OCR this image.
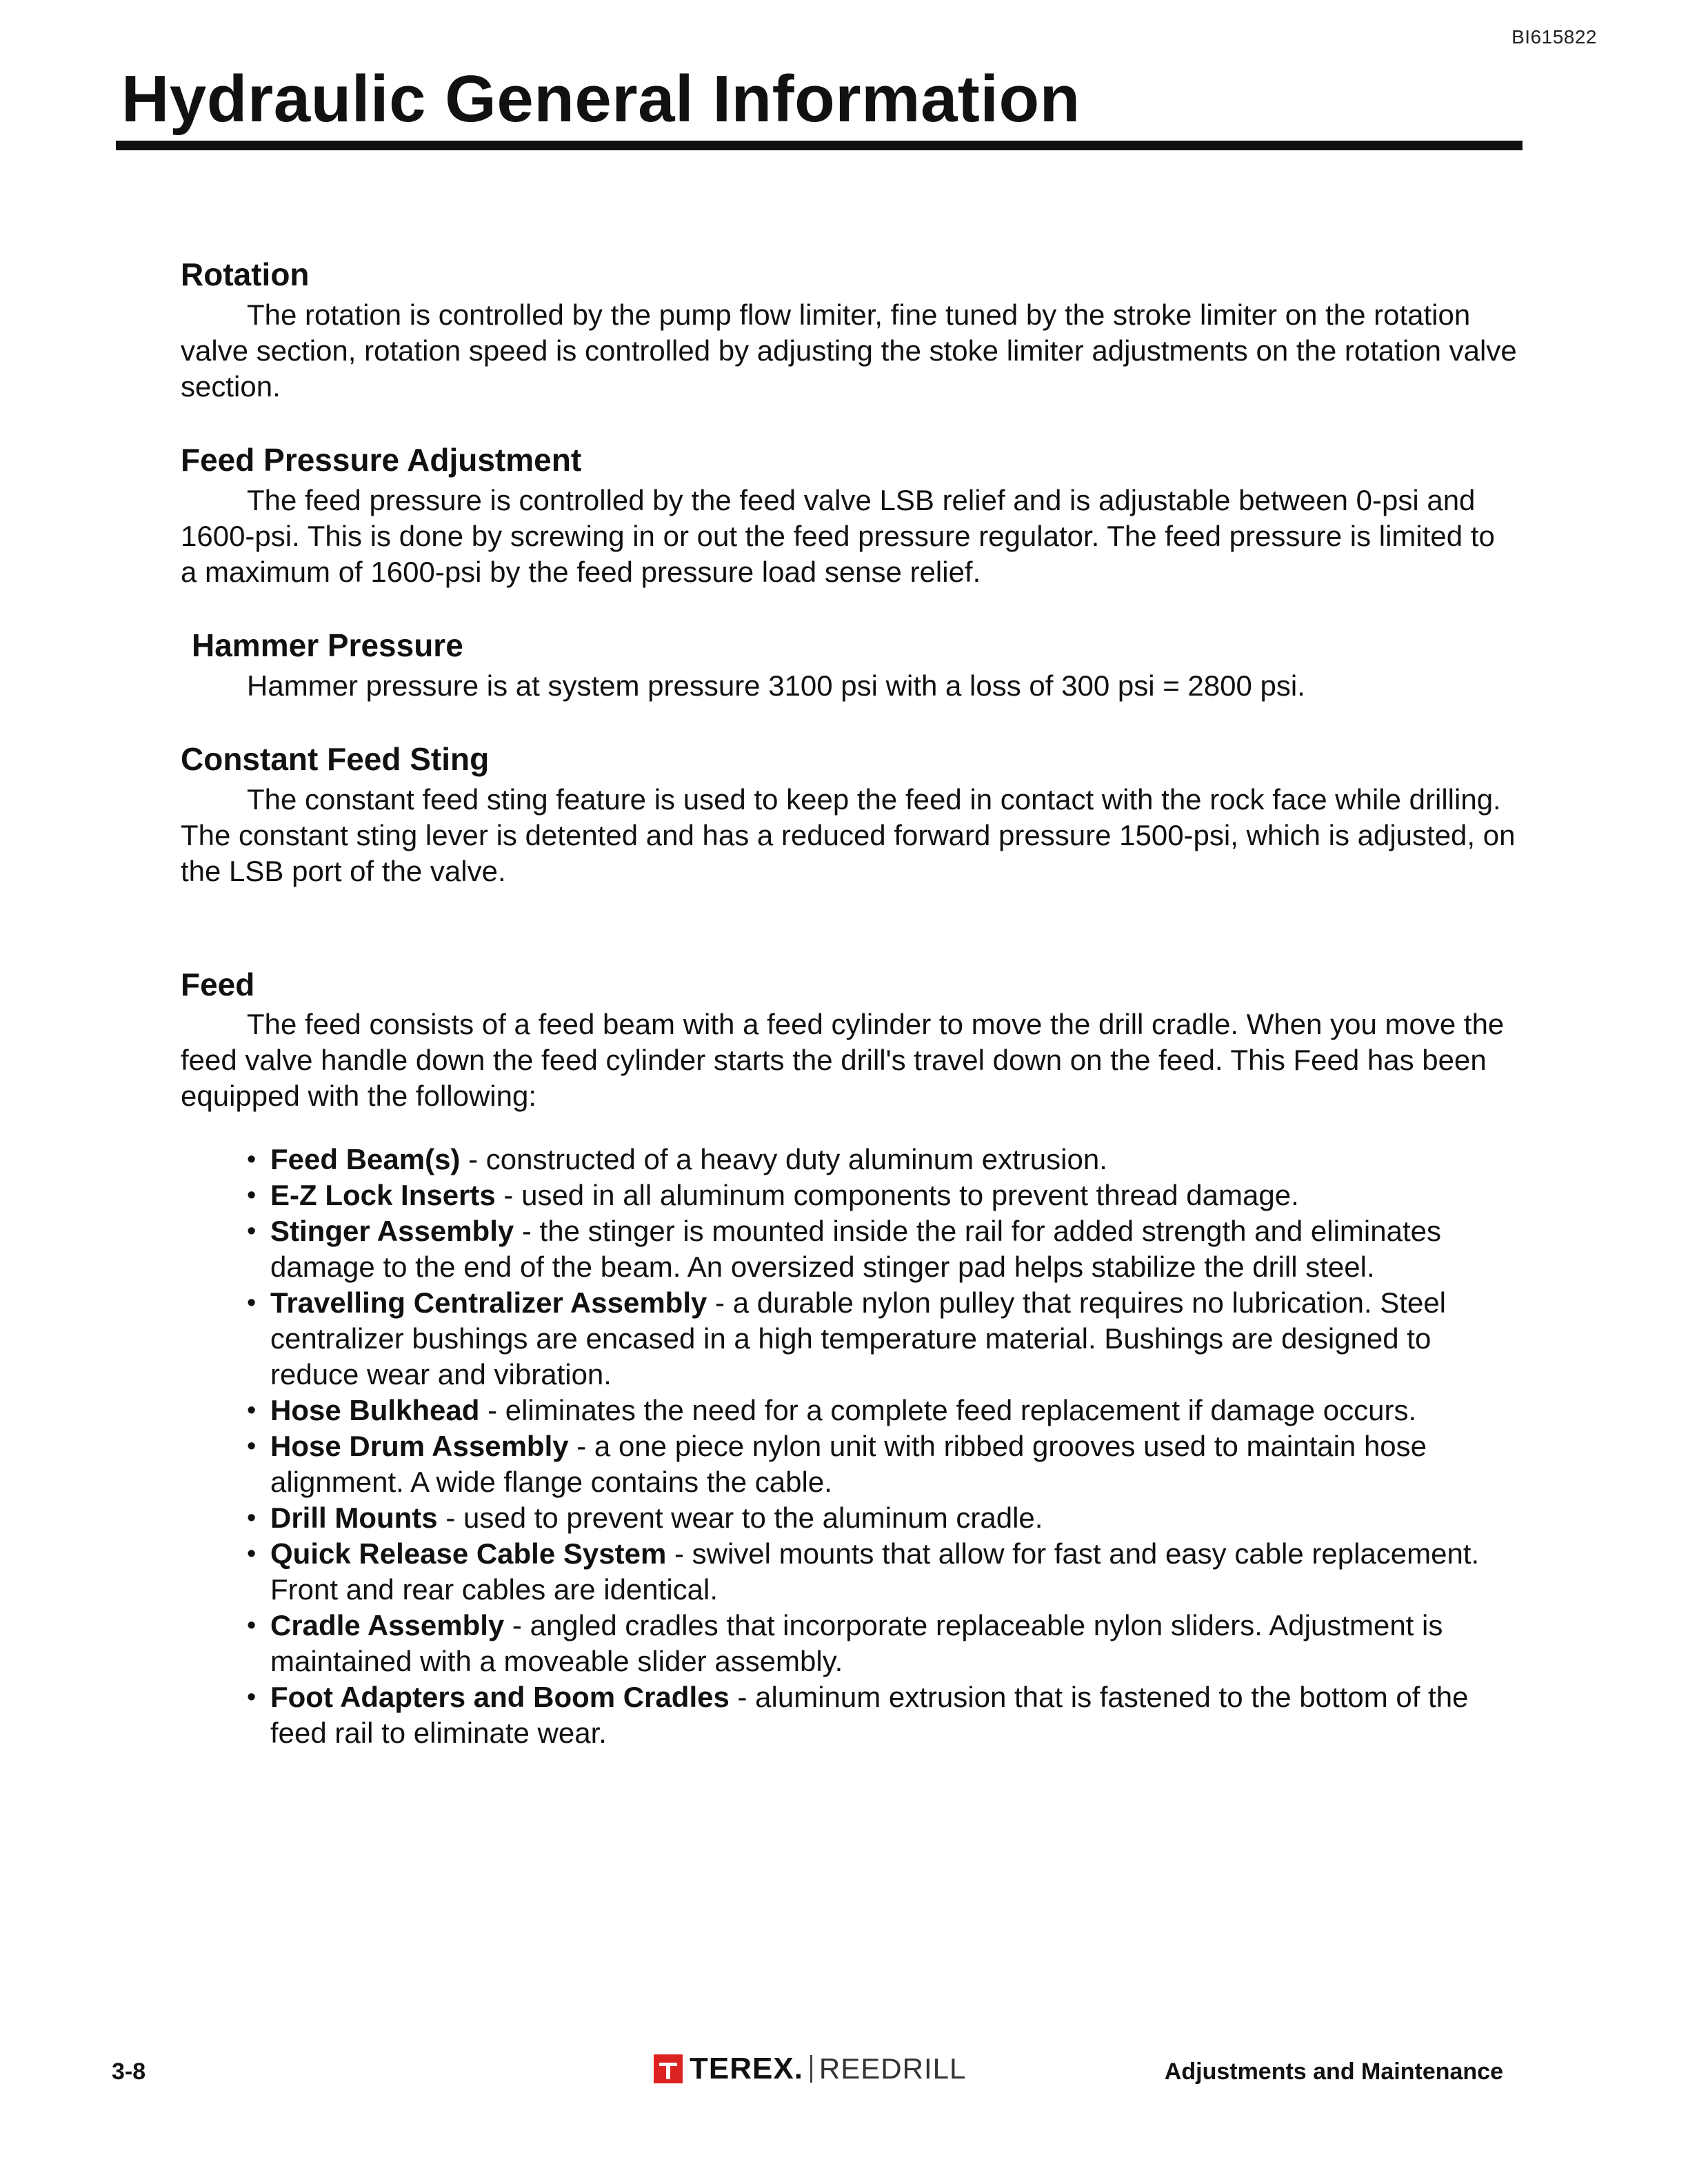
BI615822
Hydraulic General Information
Rotation

The rotation is controlled by the pump flow limiter, fine tuned by the stroke limiter on the rotation valve section, rotation speed is controlled by adjusting the stoke limiter adjustments on the rotation valve section.

Feed Pressure Adjustment

The feed pressure is controlled by the feed valve LSB relief and is adjustable between 0-psi and 1600-psi. This is done by screwing in or out the feed pressure regulator. The feed pressure is limited to a maximum of 1600-psi by the feed pressure load sense relief.

Hammer Pressure

Hammer pressure is at system pressure 3100 psi with a loss of 300 psi = 2800 psi.

Constant Feed Sting

The constant feed sting feature is used to keep the feed in contact with the rock face while drilling. The constant sting lever is detented and has a reduced forward pressure 1500-psi, which is adjusted, on the LSB port of the valve.

Feed

The feed consists of a feed beam with a feed cylinder to move the drill cradle. When you move the feed valve handle down the feed cylinder starts the drill's travel down on the feed. This Feed has been equipped with the following:

• Feed Beam(s) - constructed of a heavy duty aluminum extrusion.
• E-Z Lock Inserts - used in all aluminum components to prevent thread damage.
• Stinger Assembly - the stinger is mounted inside the rail for added strength and eliminates damage to the end of the beam. An oversized stinger pad helps stabilize the drill steel.
• Travelling Centralizer Assembly - a durable nylon pulley that requires no lubrication. Steel centralizer bushings are encased in a high temperature material. Bushings are designed to reduce wear and vibration.
• Hose Bulkhead - eliminates the need for a complete feed replacement if damage occurs.
• Hose Drum Assembly - a one piece nylon unit with ribbed grooves used to maintain hose alignment. A wide flange contains the cable.
• Drill Mounts - used to prevent wear to the aluminum cradle.
• Quick Release Cable System - swivel mounts that allow for fast and easy cable replacement. Front and rear cables are identical.
• Cradle Assembly - angled cradles that incorporate replaceable nylon sliders. Adjustment is maintained with a moveable slider assembly.
• Foot Adapters and Boom Cradles - aluminum extrusion that is fastened to the bottom of the feed rail to eliminate wear.
3-8	TEREX. REEDRILL	Adjustments and Maintenance
